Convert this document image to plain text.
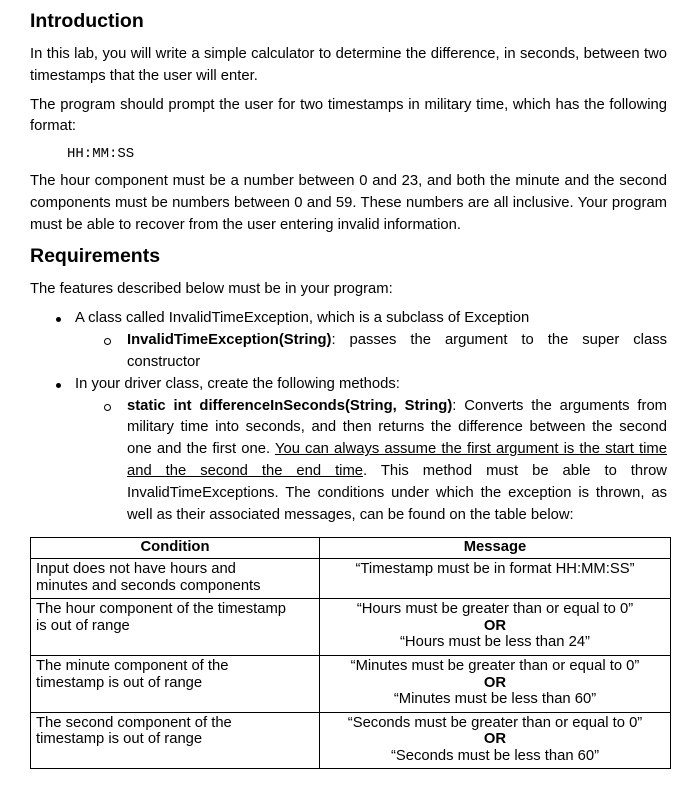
Introduction

In this lab, you will write a simple calculator to determine the difference, in seconds, between two timestamps that the user will enter.

The program should prompt the user for two timestamps in military time, which has the following format:

HH:MM:SS

The hour component must be a number between 0 and 23, and both the minute and the second components must be numbers between 0 and 59. These numbers are all inclusive. Your program must be able to recover from the user entering invalid information.

Requirements

The features described below must be in your program:

A class called InvalidTimeException, which is a subclass of Exception
InvalidTimeException(String): passes the argument to the super class constructor
In your driver class, create the following methods:
static int differenceInSeconds(String, String): Converts the arguments from military time into seconds, and then returns the difference between the second one and the first one. You can always assume the first argument is the start time and the second the end time. This method must be able to throw InvalidTimeExceptions. The conditions under which the exception is thrown, as well as their associated messages, can be found on the table below:
Condition	Message
Input does not have hours and minutes and seconds components	“Timestamp must be in format HH:MM:SS”

The hour component of the timestamp is out of range	“Hours must be greater than or equal to 0”
OR
“Hours must be less than 24”

The minute component of the timestamp is out of range	“Minutes must be greater than or equal to 0”
OR
“Minutes must be less than 60”

The second component of the timestamp is out of range	“Seconds must be greater than or equal to 0”
OR
“Seconds must be less than 60”
